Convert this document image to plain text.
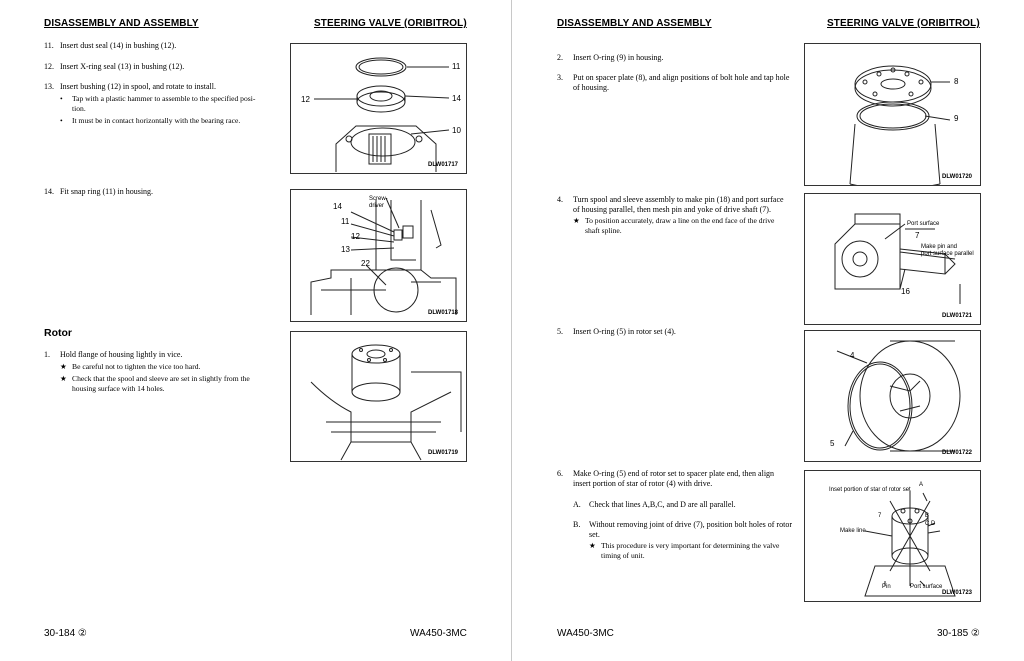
DISASSEMBLY AND ASSEMBLY	STEERING VALVE (ORIBITROL)
11. Insert dust seal (14) in bushing (12).
12. Insert X-ring seal (13) in bushing (12).
13. Insert bushing (12) in spool, and rotate to install.
• Tap with a plastic hammer to assemble to the specified posi-
tion.
• It must be in contact horizontally with the bearing race.
14. Fit snap ring (11) in housing.
Rotor
1. Hold flange of housing lightly in vice.
★ Be careful not to tighten the vice too hard.
★ Check that the spool and sleeve are set in slightly from the
housing surface with 14 holes.
11
12	14
10
DLW01717
14
Screw-
driver
11
12
13
22
DLW01718
DLW01719
30-184 ②	WA450-3MC
DISASSEMBLY AND ASSEMBLY	STEERING VALVE (ORIBITROL)
2. Insert O-ring (9) in housing.
3. Put on spacer plate (8), and align positions of bolt hole and tap hole
of housing.
4. Turn spool and sleeve assembly to make pin (18) and port surface
of housing parallel, then mesh pin and yoke of drive shaft (7).
★ To position accurately, draw a line on the end face of the drive
shaft spline.
5. Insert O-ring (5) in rotor set (4).
6. Make O-ring (5) end of rotor set to spacer plate end, then align
insert portion of star of rotor (4) with drive.
A. Check that lines A,B,C, and D are all parallel.
B. Without removing joint of drive (7), position bolt holes of rotor
set.
★ This procedure is very important for determining the valve
timing of unit.
8
9
DLW01720
Port surface
7
Make pin and
port surface parallel
16
DLW01721
4
5
DLW01722
Inset portion of star of rotor set
A
7	B
C D
Make line
Pin	Port surface
DLW01723
WA450-3MC	30-185 ②
